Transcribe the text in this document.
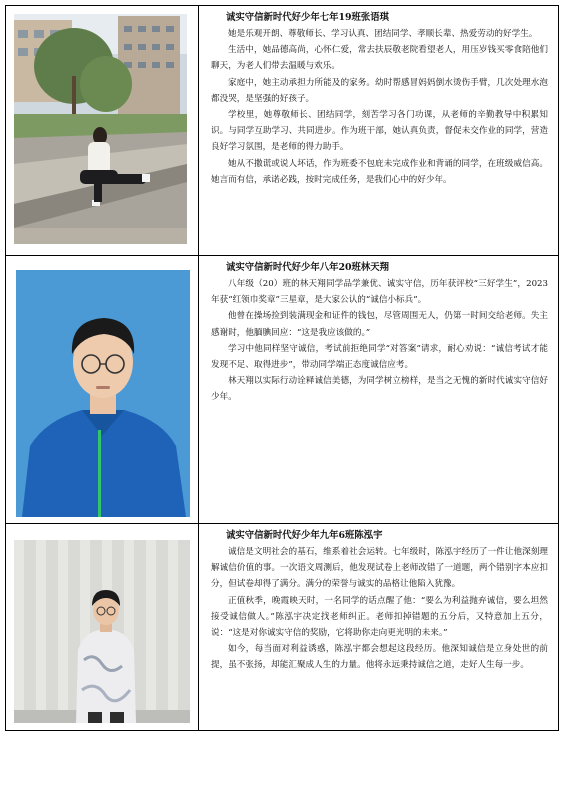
诚实守信新时代好少年七年19班张语琪

她是乐观开朗、尊敬师长、学习认真、团结同学、孝顺长辈、热爱劳动的好学生。

生活中，她品德高尚，心怀仁爱，常去扶辰敬老院看望老人，用压岁钱买零食陪他们聊天，为老人们带去温暖与欢乐。

家庭中，她主动承担力所能及的家务。幼时帮感冒妈妈倒水烫伤手臂，几次处理水泡都没哭，是坚强的好孩子。

学校里，她尊敬师长、团结同学，刻苦学习各门功课，从老师的辛勤教导中积累知识。与同学互助学习、共同进步。作为班干部，她认真负责，督促未交作业的同学，营造良好学习氛围，是老师的得力助手。

她从不撒谎或说人坏话，作为班委不包庇未完成作业和背诵的同学，在班级威信高。她言而有信，承诺必践，按时完成任务，是我们心中的好少年。

诚实守信新时代好少年八年20班林天翔

八年级（20）班的林天翔同学品学兼优、诚实守信，历年获评校“三好学生”，2023年获“红领巾奖章”三星章，是大家公认的“诚信小标兵”。

他曾在操场捡到装满现金和证件的钱包，尽管周围无人，仍第一时间交给老师。失主感谢时，他腼腆回应：“这是我应该做的。”

学习中他同样坚守诚信，考试前拒绝同学“对答案”请求，耐心劝说：“诚信考试才能发现不足、取得进步”，带动同学端正态度诚信应考。

林天翔以实际行动诠释诚信美德，为同学树立榜样，是当之无愧的新时代诚实守信好少年。

诚实守信新时代好少年九年6班陈泓宇

诚信是文明社会的基石，维系着社会运转。七年级时，陈泓宇经历了一件让他深刻理解诚信价值的事。一次语文周测后，他发现试卷上老师改错了一道题，两个错别字本应扣分，但试卷却得了满分。满分的荣誉与诚实的品格让他陷入犹豫。

正值秋季，晚霞映天时，一名同学的话点醒了他：“要么为利益抛弃诚信，要么坦然接受诚信做人。”陈泓宇决定找老师纠正。老师扣掉错题的五分后，又特意加上五分，说：“这是对你诚实守信的奖励，它将助你走向更光明的未来。”

如今，每当面对利益诱惑，陈泓宇都会想起这段经历。他深知诚信是立身处世的前提，虽不张扬，却能汇聚成人生的力量。他将永远秉持诚信之道，走好人生每一步。
